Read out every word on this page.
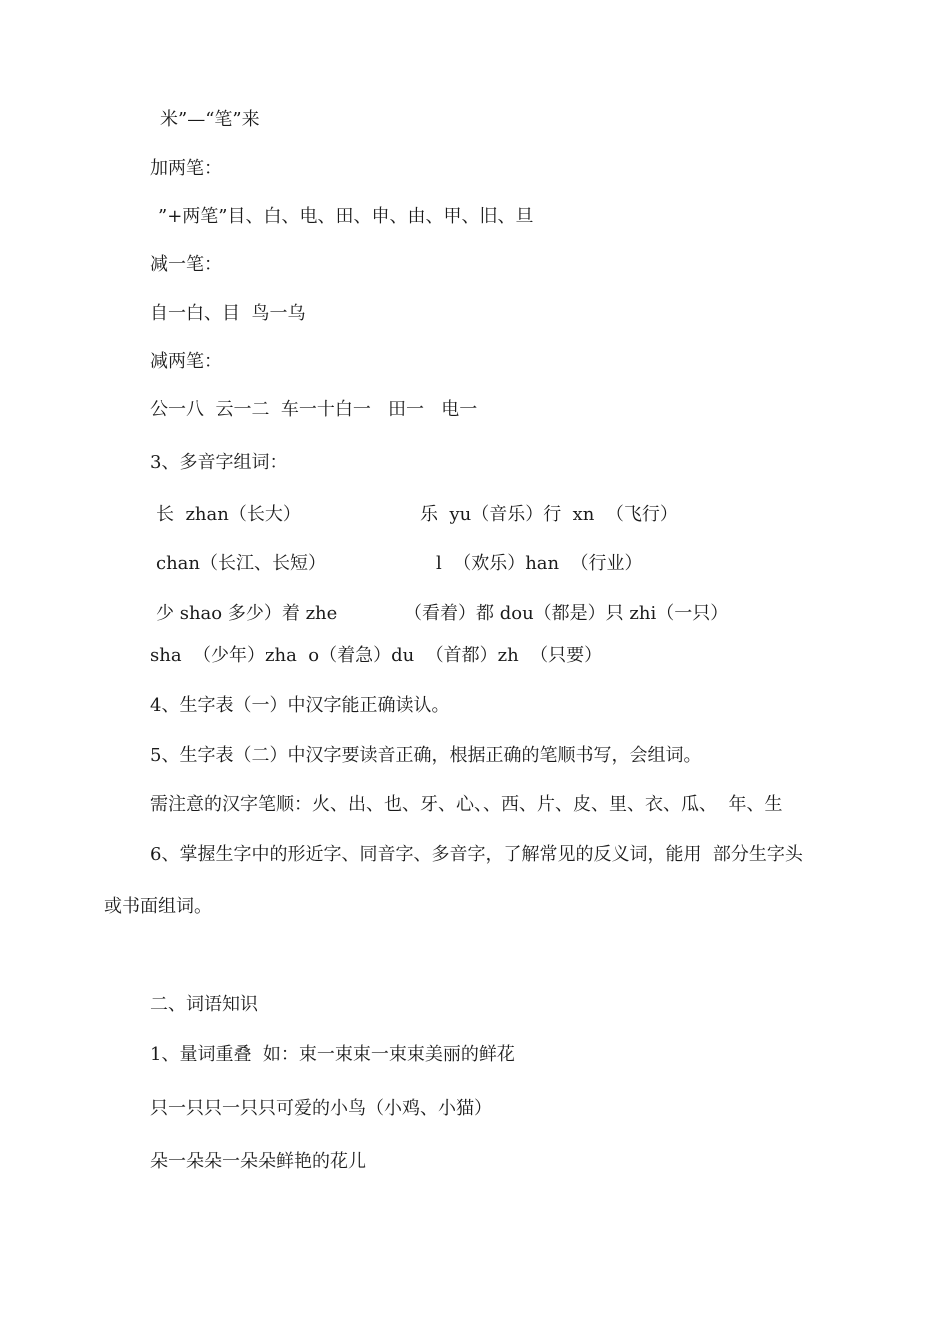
米”—“笔”来

加两笔：

”+两笔”目、白、电、田、申、由、甲、旧、旦

减一笔：

自一白、目  鸟一乌

减两笔：

公一八  云一二  车一十白一   田一   电一

3、多音字组词：

长  zhan（长大）	乐  yu（音乐）行  xn  （飞行）

chan（长江、长短）	l  （欢乐）han  （行业）

少 shao 多少）着 zhe	（看着）都 dou（都是）只 zhi（一只）

sha  （少年）zha  o（着急）du  （首都）zh  （只要）

4、生字表（一）中汉字能正确读认。

5、生字表（二）中汉字要读音正确，根据正确的笔顺书写，会组词。

需注意的汉字笔顺：火、出、也、牙、心、、西、片、皮、里、衣、瓜、  年、生

6、掌握生字中的形近字、同音字、多音字，了解常见的反义词，能用  部分生字头

或书面组词。

二、词语知识

1、量词重叠  如：束一束束一束束美丽的鲜花

只一只只一只只可爱的小鸟（小鸡、小猫）

朵一朵朵一朵朵鲜艳的花儿
